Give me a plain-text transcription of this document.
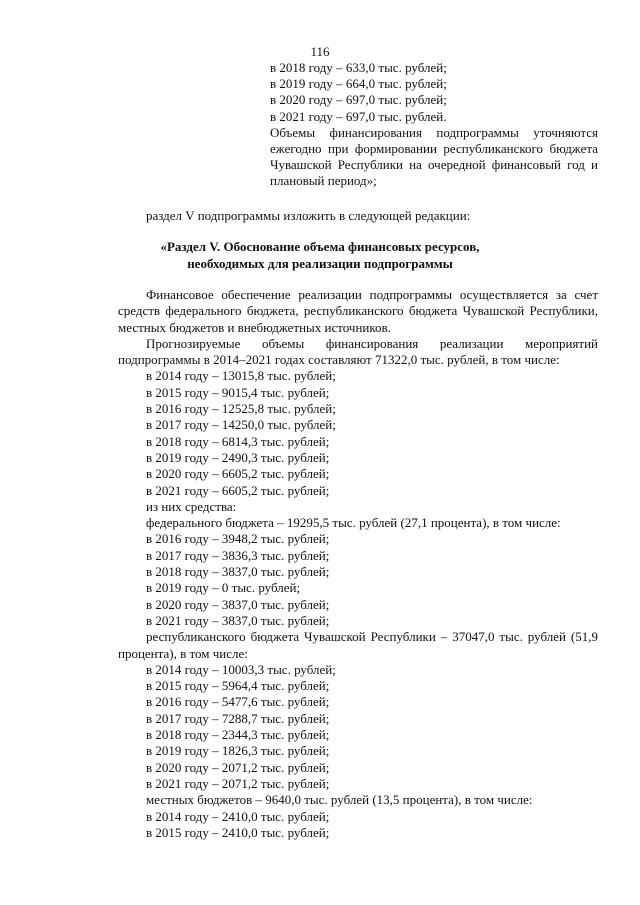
116
в 2018 году – 633,0 тыс. рублей;
в 2019 году – 664,0 тыс. рублей;
в 2020 году – 697,0 тыс. рублей;
в 2021 году – 697,0 тыс. рублей.
Объемы финансирования подпрограммы уточняются ежегодно при формировании республиканского бюджета Чувашской Республики на очередной финансовый год и плановый период»;
раздел V подпрограммы изложить в следующей редакции:
«Раздел V. Обоснование объема финансовых ресурсов,
необходимых для реализации подпрограммы
Финансовое обеспечение реализации подпрограммы осуществляется за счет средств федерального бюджета, республиканского бюджета Чувашской Республики, местных бюджетов и внебюджетных источников.
Прогнозируемые объемы финансирования реализации мероприятий подпрограммы в 2014–2021 годах составляют 71322,0 тыс. рублей, в том числе:
в 2014 году – 13015,8 тыс. рублей;
в 2015 году – 9015,4 тыс. рублей;
в 2016 году – 12525,8 тыс. рублей;
в 2017 году – 14250,0 тыс. рублей;
в 2018 году – 6814,3 тыс. рублей;
в 2019 году – 2490,3 тыс. рублей;
в 2020 году – 6605,2 тыс. рублей;
в 2021 году – 6605,2 тыс. рублей;
из них средства:
федерального бюджета – 19295,5 тыс. рублей (27,1 процента), в том числе:
в 2016 году – 3948,2 тыс. рублей;
в 2017 году – 3836,3 тыс. рублей;
в 2018 году – 3837,0 тыс. рублей;
в 2019 году – 0 тыс. рублей;
в 2020 году – 3837,0 тыс. рублей;
в 2021 году – 3837,0 тыс. рублей;
республиканского бюджета Чувашской Республики – 37047,0 тыс. рублей (51,9 процента), в том числе:
в 2014 году – 10003,3 тыс. рублей;
в 2015 году – 5964,4 тыс. рублей;
в 2016 году – 5477,6 тыс. рублей;
в 2017 году – 7288,7 тыс. рублей;
в 2018 году – 2344,3 тыс. рублей;
в 2019 году – 1826,3 тыс. рублей;
в 2020 году – 2071,2 тыс. рублей;
в 2021 году – 2071,2 тыс. рублей;
местных бюджетов – 9640,0 тыс. рублей (13,5 процента), в том числе:
в 2014 году – 2410,0 тыс. рублей;
в 2015 году – 2410,0 тыс. рублей;
